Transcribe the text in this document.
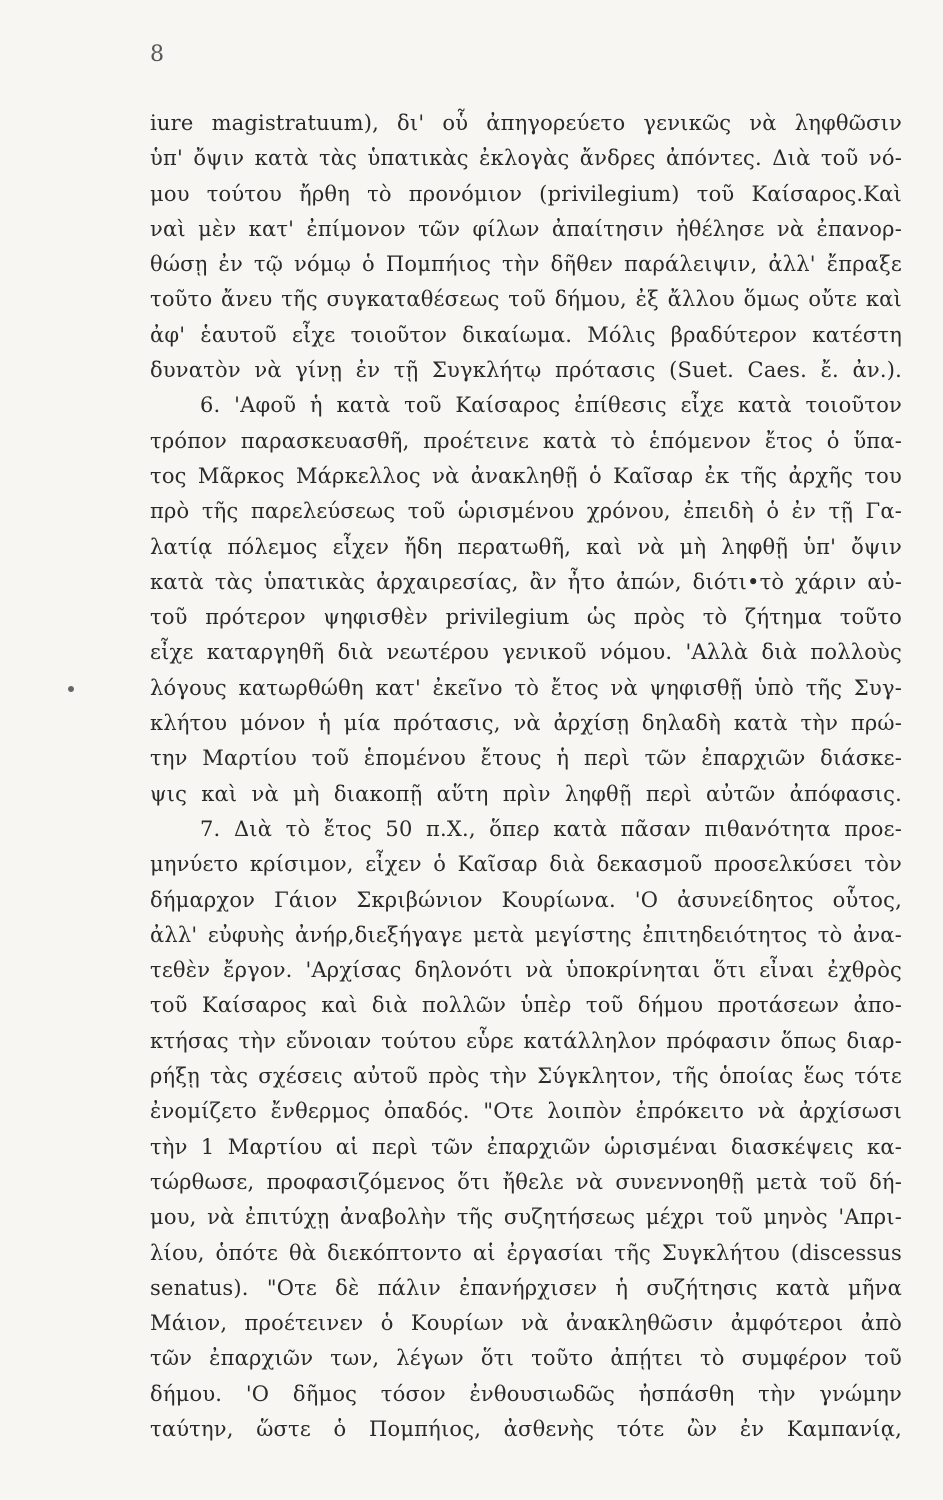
8
iure magistratuum), δι' οὗ ἀπηγορεύετο γενικῶς νὰ ληφθῶσιν
ὑπ' ὄψιν κατὰ τὰς ὑπατικὰς ἐκλογὰς ἄνδρες ἀπόντες. Διὰ τοῦ νό-
μου τούτου ἤρθη τὸ προνόμιον (privilegium) τοῦ Καίσαρος.Καὶ
ναὶ μὲν κατ' ἐπίμονον τῶν φίλων ἀπαίτησιν ἠθέλησε νὰ ἐπανορ-
θώσῃ ἐν τῷ νόμῳ ὁ Πομπήιος τὴν δῆθεν παράλειψιν, ἀλλ' ἔπραξε
τοῦτο ἄνευ τῆς συγκαταθέσεως τοῦ δήμου, ἐξ ἄλλου ὅμως οὔτε καὶ
ἀφ' ἑαυτοῦ εἶχε τοιοῦτον δικαίωμα. Μόλις βραδύτερον κατέστη
δυνατὸν νὰ γίνῃ ἐν τῇ Συγκλήτῳ πρότασις (Suet. Caes. ἔ. ἀν.).
6. 'Αφοῦ ἡ κατὰ τοῦ Καίσαρος ἐπίθεσις εἶχε κατὰ τοιοῦτον
τρόπον παρασκευασθῆ, προέτεινε κατὰ τὸ ἑπόμενον ἔτος ὁ ὕπα-
τος Μᾶρκος Μάρκελλος νὰ ἀνακληθῇ ὁ Καῖσαρ ἐκ τῆς ἀρχῆς του
πρὸ τῆς παρελεύσεως τοῦ ὡρισμένου χρόνου, ἐπειδὴ ὁ ἐν τῇ Γα-
λατίᾳ πόλεμος εἶχεν ἤδη περατωθῆ, καὶ νὰ μὴ ληφθῇ ὑπ' ὄψιν
κατὰ τὰς ὑπατικὰς ἀρχαιρεσίας, ἂν ἦτο ἀπών, διότι•τὸ χάριν αὐ-
τοῦ πρότερον ψηφισθὲν privilegium ὡς πρὸς τὸ ζήτημα τοῦτο
εἶχε καταργηθῆ διὰ νεωτέρου γενικοῦ νόμου. 'Αλλὰ διὰ πολλοὺς
λόγους κατωρθώθη κατ' ἐκεῖνο τὸ ἔτος νὰ ψηφισθῇ ὑπὸ τῆς Συγ-
κλήτου μόνον ἡ μία πρότασις, νὰ ἀρχίσῃ δηλαδὴ κατὰ τὴν πρώ-
την Μαρτίου τοῦ ἑπομένου ἔτους ἡ περὶ τῶν ἐπαρχιῶν διάσκε-
ψις καὶ νὰ μὴ διακοπῇ αὕτη πρὶν ληφθῇ περὶ αὐτῶν ἀπόφασις.
7. Διὰ τὸ ἔτος 50 π.Χ., ὅπερ κατὰ πᾶσαν πιθανότητα προε-
μηνύετο κρίσιμον, εἶχεν ὁ Καῖσαρ διὰ δεκασμοῦ προσελκύσει τὸν
δήμαρχον Γάιον Σκριβώνιον Κουρίωνα. 'Ο ἀσυνείδητος οὗτος,
ἀλλ' εὐφυὴς ἀνήρ,διεξήγαγε μετὰ μεγίστης ἐπιτηδειότητος τὸ ἀνα-
τεθὲν ἔργον. 'Αρχίσας δηλονότι νὰ ὑποκρίνηται ὅτι εἶναι ἐχθρὸς
τοῦ Καίσαρος καὶ διὰ πολλῶν ὑπὲρ τοῦ δήμου προτάσεων ἀπο-
κτήσας τὴν εὔνοιαν τούτου εὗρε κατάλληλον πρόφασιν ὅπως διαρ-
ρήξῃ τὰς σχέσεις αὐτοῦ πρὸς τὴν Σύγκλητον, τῆς ὁποίας ἕως τότε
ἐνομίζετο ἔνθερμος ὀπαδός. "Οτε λοιπὸν ἐπρόκειτο νὰ ἀρχίσωσι
τὴν 1 Μαρτίου αἱ περὶ τῶν ἐπαρχιῶν ὡρισμέναι διασκέψεις κα-
τώρθωσε, προφασιζόμενος ὅτι ἤθελε νὰ συνεννοηθῇ μετὰ τοῦ δή-
μου, νὰ ἐπιτύχῃ ἀναβολὴν τῆς συζητήσεως μέχρι τοῦ μηνὸς 'Απρι-
λίου, ὁπότε θὰ διεκόπτοντο αἱ ἐργασίαι τῆς Συγκλήτου (discessus
senatus). "Οτε δὲ πάλιν ἐπανήρχισεν ἡ συζήτησις κατὰ μῆνα
Μάιον, προέτεινεν ὁ Κουρίων νὰ ἀνακληθῶσιν ἀμφότεροι ἀπὸ
τῶν ἐπαρχιῶν των, λέγων ὅτι τοῦτο ἀπῄτει τὸ συμφέρον τοῦ
δήμου. 'Ο δῆμος τόσον ἐνθουσιωδῶς ἠσπάσθη τὴν γνώμην
ταύτην, ὥστε ὁ Πομπήιος, ἀσθενὴς τότε ὢν ἐν Καμπανίᾳ,
